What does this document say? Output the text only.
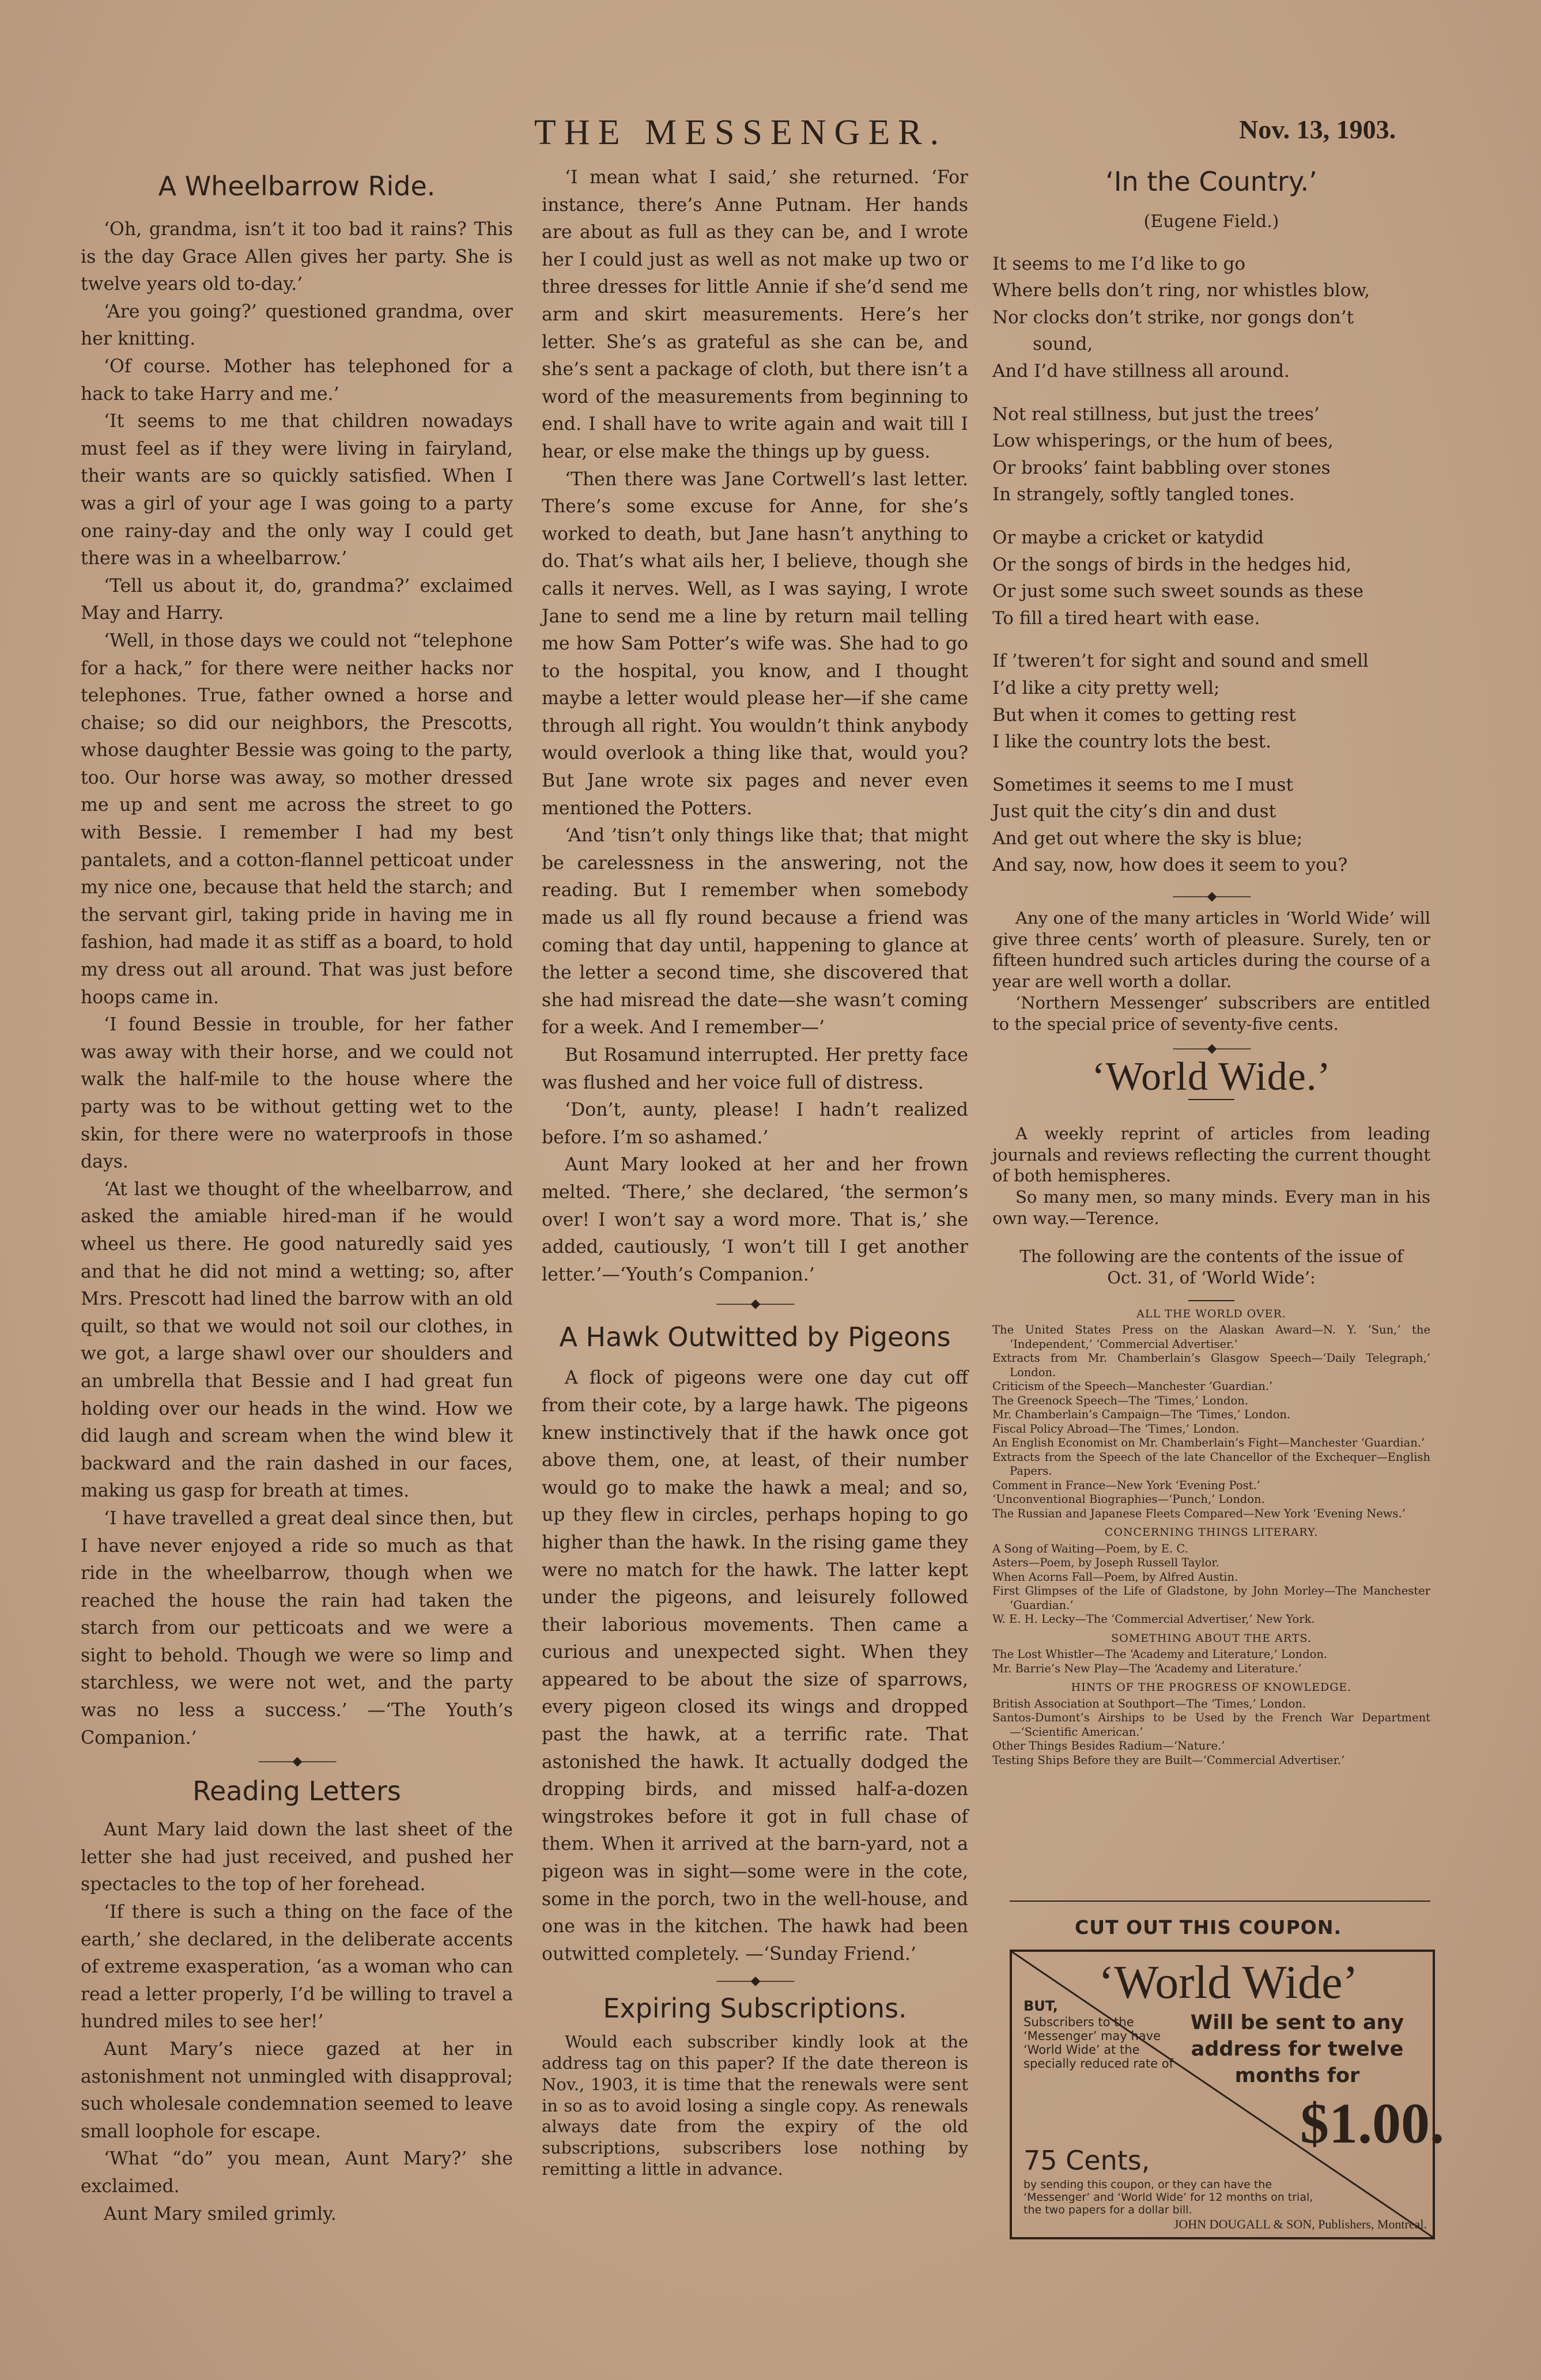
THE MESSENGER.	Nov. 13, 1903.
A Wheelbarrow Ride.

‘Oh, grandma, isn’t it too bad it rains? This is the day Grace Allen gives her party. She is twelve years old to-day.’

‘Are you going?’ questioned grandma, over her knitting.

‘Of course. Mother has telephoned for a hack to take Harry and me.’

‘It seems to me that children nowadays must feel as if they were living in fairyland, their wants are so quickly satisfied. When I was a girl of your age I was going to a party one rainy-day and the only way I could get there was in a wheelbarrow.’

‘Tell us about it, do, grandma?’ exclaimed May and Harry.

‘Well, in those days we could not “telephone for a hack,” for there were neither hacks nor telephones. True, father owned a horse and chaise; so did our neighbors, the Prescotts, whose daughter Bessie was going to the party, too. Our horse was away, so mother dressed me up and sent me across the street to go with Bessie. I remember I had my best pantalets, and a cotton-flannel petticoat under my nice one, because that held the starch; and the servant girl, taking pride in having me in fashion, had made it as stiff as a board, to hold my dress out all around. That was just before hoops came in.

‘I found Bessie in trouble, for her father was away with their horse, and we could not walk the half-mile to the house where the party was to be without getting wet to the skin, for there were no waterproofs in those days.

‘At last we thought of the wheelbarrow, and asked the amiable hired-man if he would wheel us there. He good naturedly said yes and that he did not mind a wetting; so, after Mrs. Prescott had lined the barrow with an old quilt, so that we would not soil our clothes, in we got, a large shawl over our shoulders and an umbrella that Bessie and I had great fun holding over our heads in the wind. How we did laugh and scream when the wind blew it backward and the rain dashed in our faces, making us gasp for breath at times.

‘I have travelled a great deal since then, but I have never enjoyed a ride so much as that ride in the wheelbarrow, though when we reached the house the rain had taken the starch from our petticoats and we were a sight to behold. Though we were so limp and starchless, we were not wet, and the party was no less a success.’ —‘The Youth’s Companion.’

———◆———
Reading Letters

Aunt Mary laid down the last sheet of the letter she had just received, and pushed her spectacles to the top of her forehead.

‘If there is such a thing on the face of the earth,’ she declared, in the deliberate accents of extreme exasperation, ‘as a woman who can read a letter properly, I’d be willing to travel a hundred miles to see her!’

Aunt Mary’s niece gazed at her in astonishment not unmingled with disapproval; such wholesale condemnation seemed to leave small loophole for escape.

‘What “do” you mean, Aunt Mary?’ she exclaimed.

Aunt Mary smiled grimly.

‘I mean what I said,’ she returned. ‘For instance, there’s Anne Putnam. Her hands are about as full as they can be, and I wrote her I could just as well as not make up two or three dresses for little Annie if she’d send me arm and skirt measurements. Here’s her letter. She’s as grateful as she can be, and she’s sent a package of cloth, but there isn’t a word of the measurements from beginning to end. I shall have to write again and wait till I hear, or else make the things up by guess.

‘Then there was Jane Cortwell’s last letter. There’s some excuse for Anne, for she’s worked to death, but Jane hasn’t anything to do. That’s what ails her, I believe, though she calls it nerves. Well, as I was saying, I wrote Jane to send me a line by return mail telling me how Sam Potter’s wife was. She had to go to the hospital, you know, and I thought maybe a letter would please her—if she came through all right. You wouldn’t think anybody would overlook a thing like that, would you? But Jane wrote six pages and never even mentioned the Potters.

‘And ’tisn’t only things like that; that might be carelessness in the answering, not the reading. But I remember when somebody made us all fly round because a friend was coming that day until, happening to glance at the letter a second time, she discovered that she had misread the date—she wasn’t coming for a week. And I remember—’

But Rosamund interrupted. Her pretty face was flushed and her voice full of distress.

‘Don’t, aunty, please! I hadn’t realized before. I’m so ashamed.’

Aunt Mary looked at her and her frown melted. ‘There,’ she declared, ‘the sermon’s over! I won’t say a word more. That is,’ she added, cautiously, ‘I won’t till I get another letter.’—‘Youth’s Companion.’

———◆———
A Hawk Outwitted by Pigeons

A flock of pigeons were one day cut off from their cote, by a large hawk. The pigeons knew instinctively that if the hawk once got above them, one, at least, of their number would go to make the hawk a meal; and so, up they flew in circles, perhaps hoping to go higher than the hawk. In the rising game they were no match for the hawk. The latter kept under the pigeons, and leisurely followed their laborious movements. Then came a curious and unexpected sight. When they appeared to be about the size of sparrows, every pigeon closed its wings and dropped past the hawk, at a terrific rate. That astonished the hawk. It actually dodged the dropping birds, and missed half-a-dozen wingstrokes before it got in full chase of them. When it arrived at the barn-yard, not a pigeon was in sight—some were in the cote, some in the porch, two in the well-house, and one was in the kitchen. The hawk had been outwitted completely. —‘Sunday Friend.’

———◆———
Expiring Subscriptions.

Would each subscriber kindly look at the address tag on this paper? If the date thereon is Nov., 1903, it is time that the renewals were sent in so as to avoid losing a single copy. As renewals always date from the expiry of the old subscriptions, subscribers lose nothing by remitting a little in advance.

‘In the Country.’
(Eugene Field.)
It seems to me I’d like to go
Where bells don’t ring, nor whistles blow,
Nor clocks don’t strike, nor gongs don’t
sound,
And I’d have stillness all around.
Not real stillness, but just the trees’
Low whisperings, or the hum of bees,
Or brooks’ faint babbling over stones
In strangely, softly tangled tones.
Or maybe a cricket or katydid
Or the songs of birds in the hedges hid,
Or just some such sweet sounds as these
To fill a tired heart with ease.
If ’tweren’t for sight and sound and smell
I’d like a city pretty well;
But when it comes to getting rest
I like the country lots the best.
Sometimes it seems to me I must
Just quit the city’s din and dust
And get out where the sky is blue;
And say, now, how does it seem to you?
———◆———

Any one of the many articles in ‘World Wide’ will give three cents’ worth of pleasure. Surely, ten or fifteen hundred such articles during the course of a year are well worth a dollar.

‘Northern Messenger’ subscribers are entitled to the special price of seventy-five cents.

———◆———
‘World Wide.’

A weekly reprint of articles from leading journals and reviews reflecting the current thought of both hemispheres.

So many men, so many minds. Every man in his own way.—Terence.

The following are the contents of the issue of Oct. 31, of ‘World Wide’:
ALL THE WORLD OVER.
The United States Press on the Alaskan Award—N. Y. ‘Sun,’ the ‘Independent,’ ‘Commercial Advertiser.’
Extracts from Mr. Chamberlain’s Glasgow Speech—‘Daily Telegraph,’ London.
Criticism of the Speech—Manchester ‘Guardian.’
The Greenock Speech—The ‘Times,’ London.
Mr. Chamberlain’s Campaign—The ‘Times,’ London.
Fiscal Policy Abroad—The ‘Times,’ London.
An English Economist on Mr. Chamberlain’s Fight—Manchester ‘Guardian.’
Extracts from the Speech of the late Chancellor of the Exchequer—English Papers.
Comment in France—New York ‘Evening Post.’
‘Unconventional Biographies—‘Punch,’ London.
The Russian and Japanese Fleets Compared—New York ‘Evening News.’
CONCERNING THINGS LITERARY.
A Song of Waiting—Poem, by E. C.
Asters—Poem, by Joseph Russell Taylor.
When Acorns Fall—Poem, by Alfred Austin.
First Glimpses of the Life of Gladstone, by John Morley—The Manchester ‘Guardian.’
W. E. H. Lecky—The ‘Commercial Advertiser,’ New York.
SOMETHING ABOUT THE ARTS.
The Lost Whistler—The ‘Academy and Literature,’ London.
Mr. Barrie’s New Play—The ‘Academy and Literature.’
HINTS OF THE PROGRESS OF KNOWLEDGE.
British Association at Southport—The ‘Times,’ London.
Santos-Dumont’s Airships to be Used by the French War Department—‘Scientific American.’
Other Things Besides Radium—‘Nature.’
Testing Ships Before they are Built—‘Commercial Advertiser.’
CUT OUT THIS COUPON.
‘World Wide’
BUT,
Subscribers to the ‘Messenger’ may have ‘World Wide’ at the specially reduced rate of
Will be sent to any address for twelve months for
$1.00.
75 Cents,
by sending this coupon, or they can have the ‘Messenger’ and ‘World Wide’ for 12 months on trial, the two papers for a dollar bill.
JOHN DOUGALL & SON, Publishers, Montreal.
